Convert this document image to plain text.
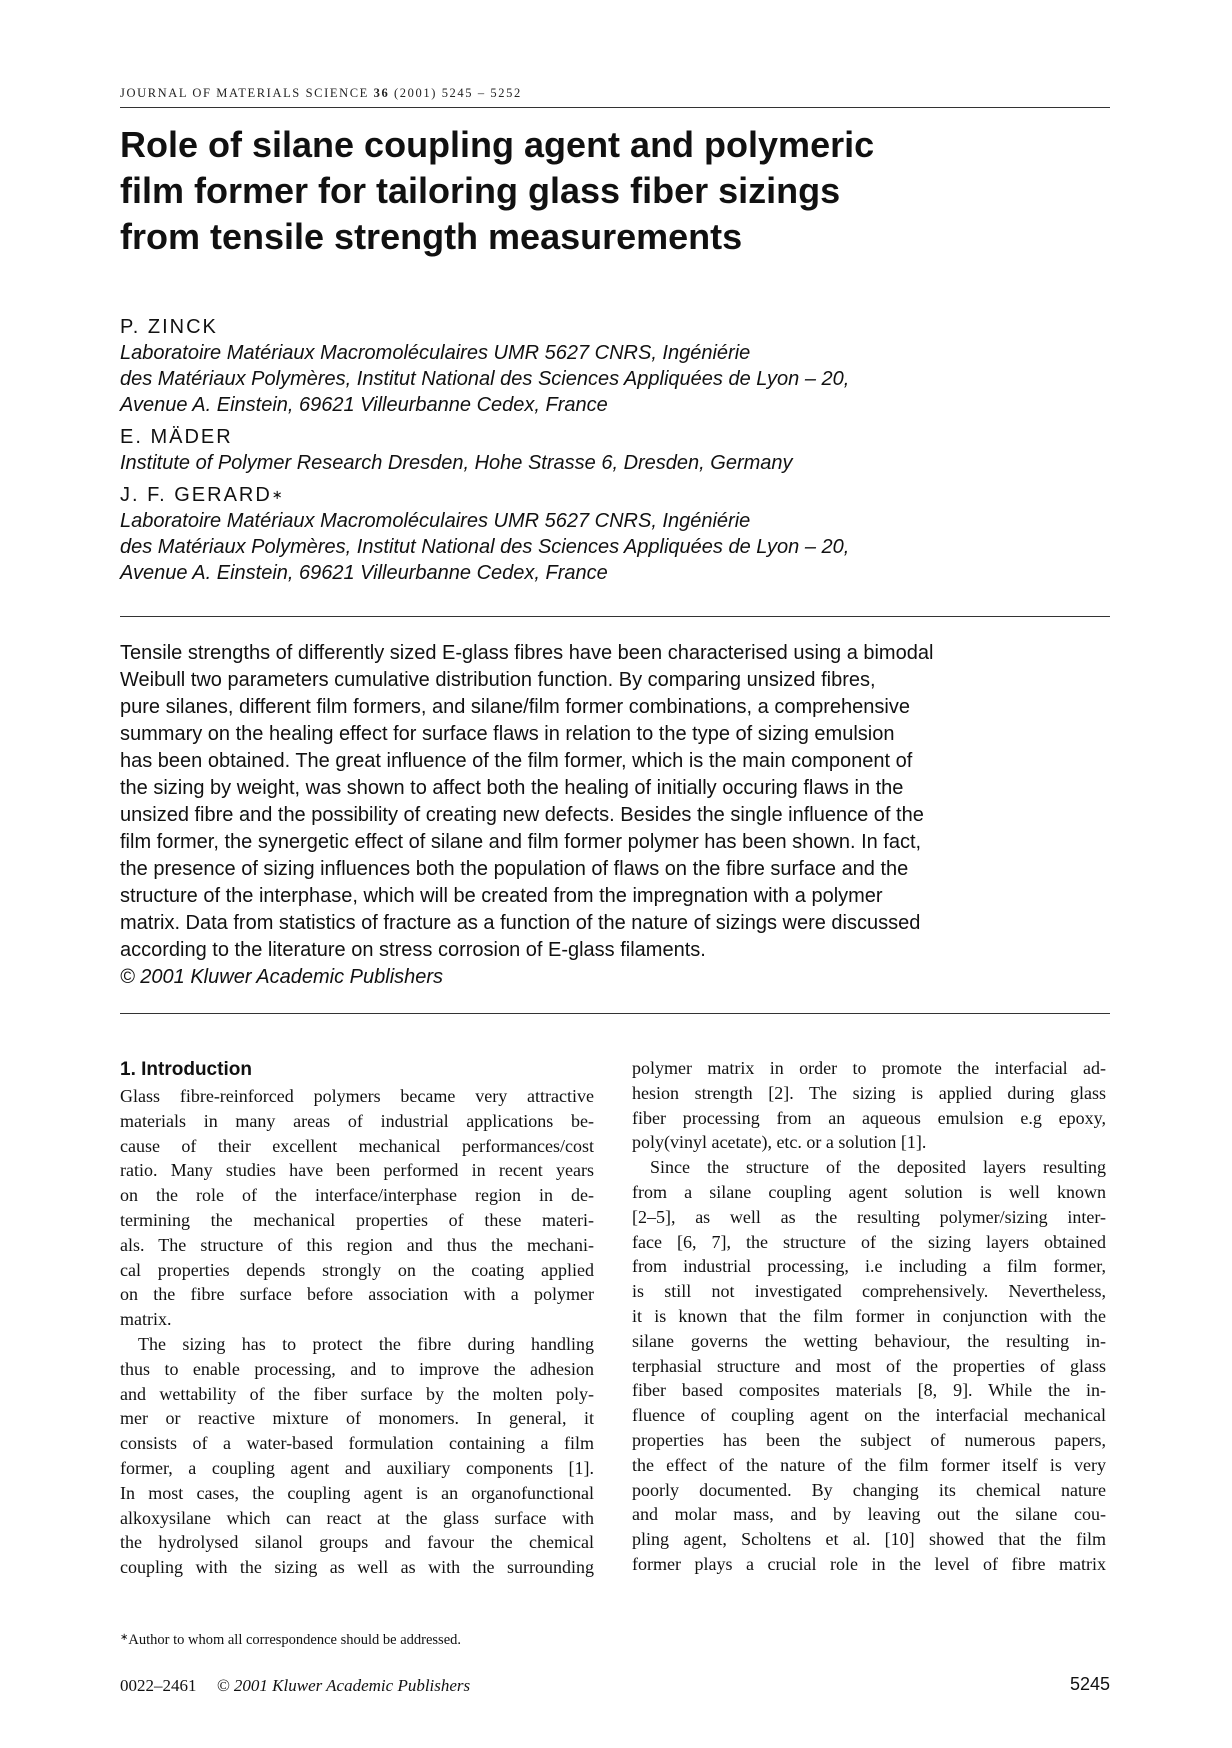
JOURNAL OF MATERIALS SCIENCE 36 (2001) 5245 – 5252
Role of silane coupling agent and polymeric
film former for tailoring glass fiber sizings
from tensile strength measurements
P. ZINCK
Laboratoire Matériaux Macromoléculaires UMR 5627 CNRS, Ingéniérie
des Matériaux Polymères, Institut National des Sciences Appliquées de Lyon – 20,
Avenue A. Einstein, 69621 Villeurbanne Cedex, France
E. MÄDER
Institute of Polymer Research Dresden, Hohe Strasse 6, Dresden, Germany
J. F. GERARD∗
Laboratoire Matériaux Macromoléculaires UMR 5627 CNRS, Ingéniérie
des Matériaux Polymères, Institut National des Sciences Appliquées de Lyon – 20,
Avenue A. Einstein, 69621 Villeurbanne Cedex, France
Tensile strengths of differently sized E-glass fibres have been characterised using a bimodal
Weibull two parameters cumulative distribution function. By comparing unsized fibres,
pure silanes, different film formers, and silane/film former combinations, a comprehensive
summary on the healing effect for surface flaws in relation to the type of sizing emulsion
has been obtained. The great influence of the film former, which is the main component of
the sizing by weight, was shown to affect both the healing of initially occuring flaws in the
unsized fibre and the possibility of creating new defects. Besides the single influence of the
film former, the synergetic effect of silane and film former polymer has been shown. In fact,
the presence of sizing influences both the population of flaws on the fibre surface and the
structure of the interphase, which will be created from the impregnation with a polymer
matrix. Data from statistics of fracture as a function of the nature of sizings were discussed
according to the literature on stress corrosion of E-glass filaments.
© 2001 Kluwer Academic Publishers
1. Introduction
Glass fibre-reinforced polymers became very attractive
materials in many areas of industrial applications be-
cause of their excellent mechanical performances/cost
ratio. Many studies have been performed in recent years
on the role of the interface/interphase region in de-
termining the mechanical properties of these materi-
als. The structure of this region and thus the mechani-
cal properties depends strongly on the coating applied
on the fibre surface before association with a polymer
matrix.
The sizing has to protect the fibre during handling
thus to enable processing, and to improve the adhesion
and wettability of the fiber surface by the molten poly-
mer or reactive mixture of monomers. In general, it
consists of a water-based formulation containing a film
former, a coupling agent and auxiliary components [1].
In most cases, the coupling agent is an organofunctional
alkoxysilane which can react at the glass surface with
the hydrolysed silanol groups and favour the chemical
coupling with the sizing as well as with the surrounding
polymer matrix in order to promote the interfacial ad-
hesion strength [2]. The sizing is applied during glass
fiber processing from an aqueous emulsion e.g epoxy,
poly(vinyl acetate), etc. or a solution [1].
Since the structure of the deposited layers resulting
from a silane coupling agent solution is well known
[2–5], as well as the resulting polymer/sizing inter-
face [6, 7], the structure of the sizing layers obtained
from industrial processing, i.e including a film former,
is still not investigated comprehensively. Nevertheless,
it is known that the film former in conjunction with the
silane governs the wetting behaviour, the resulting in-
terphasial structure and most of the properties of glass
fiber based composites materials [8, 9]. While the in-
fluence of coupling agent on the interfacial mechanical
properties has been the subject of numerous papers,
the effect of the nature of the film former itself is very
poorly documented. By changing its chemical nature
and molar mass, and by leaving out the silane cou-
pling agent, Scholtens et al. [10] showed that the film
former plays a crucial role in the level of fibre matrix
∗Author to whom all correspondence should be addressed.
0022–2461 © 2001 Kluwer Academic Publishers	5245
